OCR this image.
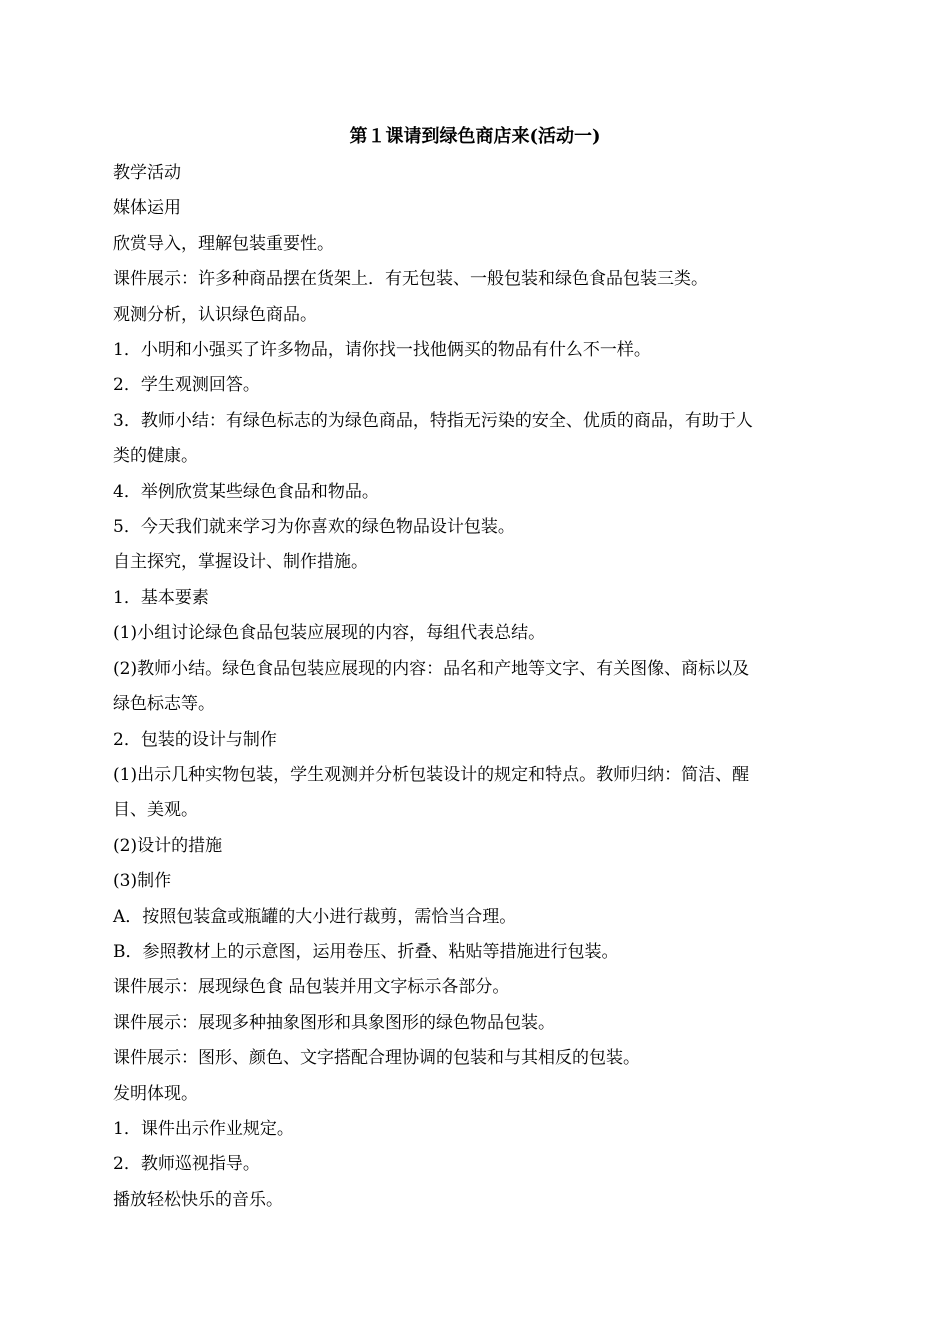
第１课请到绿色商店来(活动一)

教学活动

媒体运用

欣赏导入，理解包装重要性。

课件展示：许多种商品摆在货架上．有无包装、一般包装和绿色食品包装三类。

观测分析，认识绿色商品。

1．小明和小强买了许多物品，请你找一找他俩买的物品有什么不一样。

2．学生观测回答。

3．教师小结：有绿色标志的为绿色商品，特指无污染的安全、优质的商品，有助于人

类的健康。

4．举例欣赏某些绿色食品和物品。

5．今天我们就来学习为你喜欢的绿色物品设计包装。

自主探究，掌握设计、制作措施。

1．基本要素

(1)小组讨论绿色食品包装应展现的内容，每组代表总结。

(2)教师小结。绿色食品包装应展现的内容：品名和产地等文字、有关图像、商标以及

绿色标志等。

2．包装的设计与制作

(1)出示几种实物包装，学生观测并分析包装设计的规定和特点。教师归纳：简洁、醒

目、美观。

(2)设计的措施

(3)制作

A．按照包装盒或瓶罐的大小进行裁剪，需恰当合理。

B．参照教材上的示意图，运用卷压、折叠、粘贴等措施进行包装。

课件展示：展现绿色食 品包装并用文字标示各部分。

课件展示：展现多种抽象图形和具象图形的绿色物品包装。

课件展示：图形、颜色、文字搭配合理协调的包装和与其相反的包装。

发明体现。

1．课件出示作业规定。

2．教师巡视指导。

播放轻松快乐的音乐。
